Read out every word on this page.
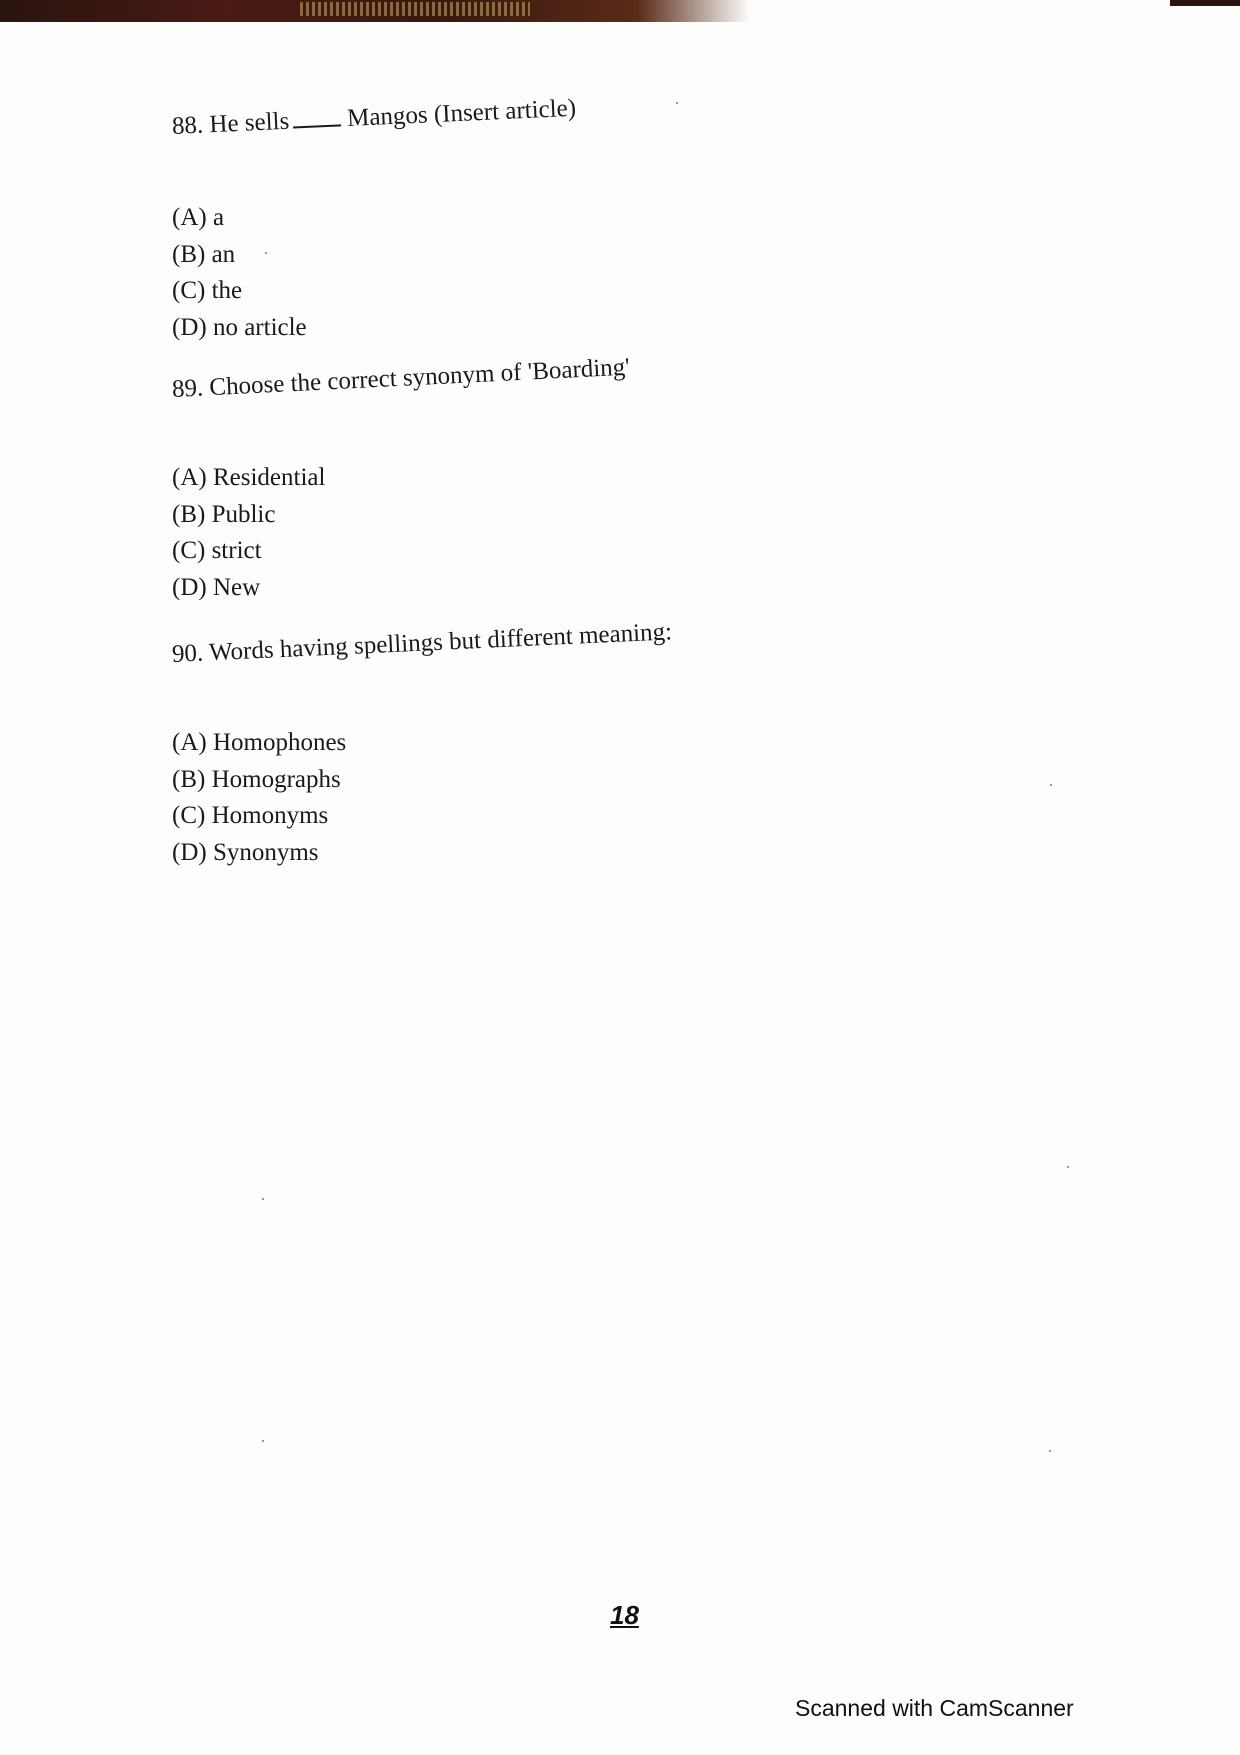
88. He sells Mangos (Insert article)
(A) a
(B) an
(C) the
(D) no article
89. Choose the correct synonym of 'Boarding'
(A) Residential
(B) Public
(C) strict
(D) New
90. Words having spellings but different meaning:
(A) Homophones
(B) Homographs
(C) Homonyms
(D) Synonyms
18
Scanned with CamScanner
